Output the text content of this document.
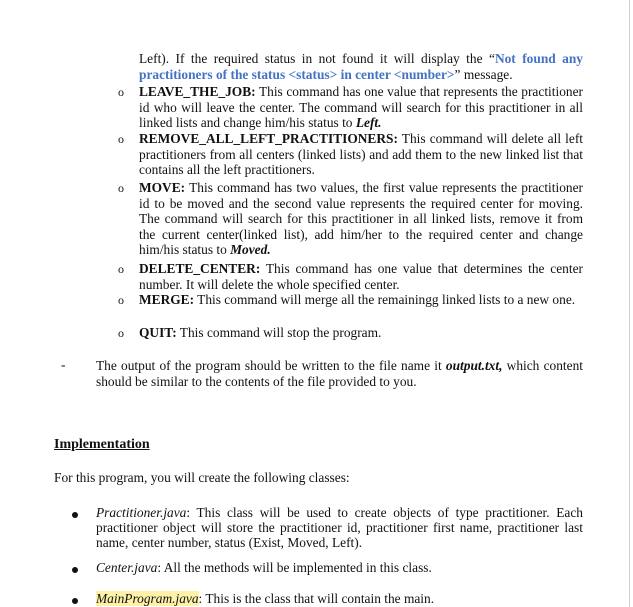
Left). If the required status in not found it will display the “Not found any practitioners of the status <status> in center <number>” message.
o LEAVE_THE_JOB: This command has one value that represents the practitioner id who will leave the center. The command will search for this practitioner in all linked lists and change him/his status to Left.
o REMOVE_ALL_LEFT_PRACTITIONERS: This command will delete all left practitioners from all centers (linked lists) and add them to the new linked list that contains all the left practitioners.
o MOVE: This command has two values, the first value represents the practitioner id to be moved and the second value represents the required center for moving. The command will search for this practitioner in all linked lists, remove it from the current center(linked list), add him/her to the required center and change him/his status to Moved.
o DELETE_CENTER: This command has one value that determines the center number. It will delete the whole specified center.
o MERGE: This command will merge all the remainingg linked lists to a new one.
o QUIT: This command will stop the program.
- The output of the program should be written to the file name it output.txt, which content should be similar to the contents of the file provided to you.
Implementation
For this program, you will create the following classes:
Practitioner.java: This class will be used to create objects of type practitioner. Each practitioner object will store the practitioner id, practitioner first name, practitioner last name, center number, status (Exist, Moved, Left).
Center.java: All the methods will be implemented in this class.
MainProgram.java: This is the class that will contain the main.
